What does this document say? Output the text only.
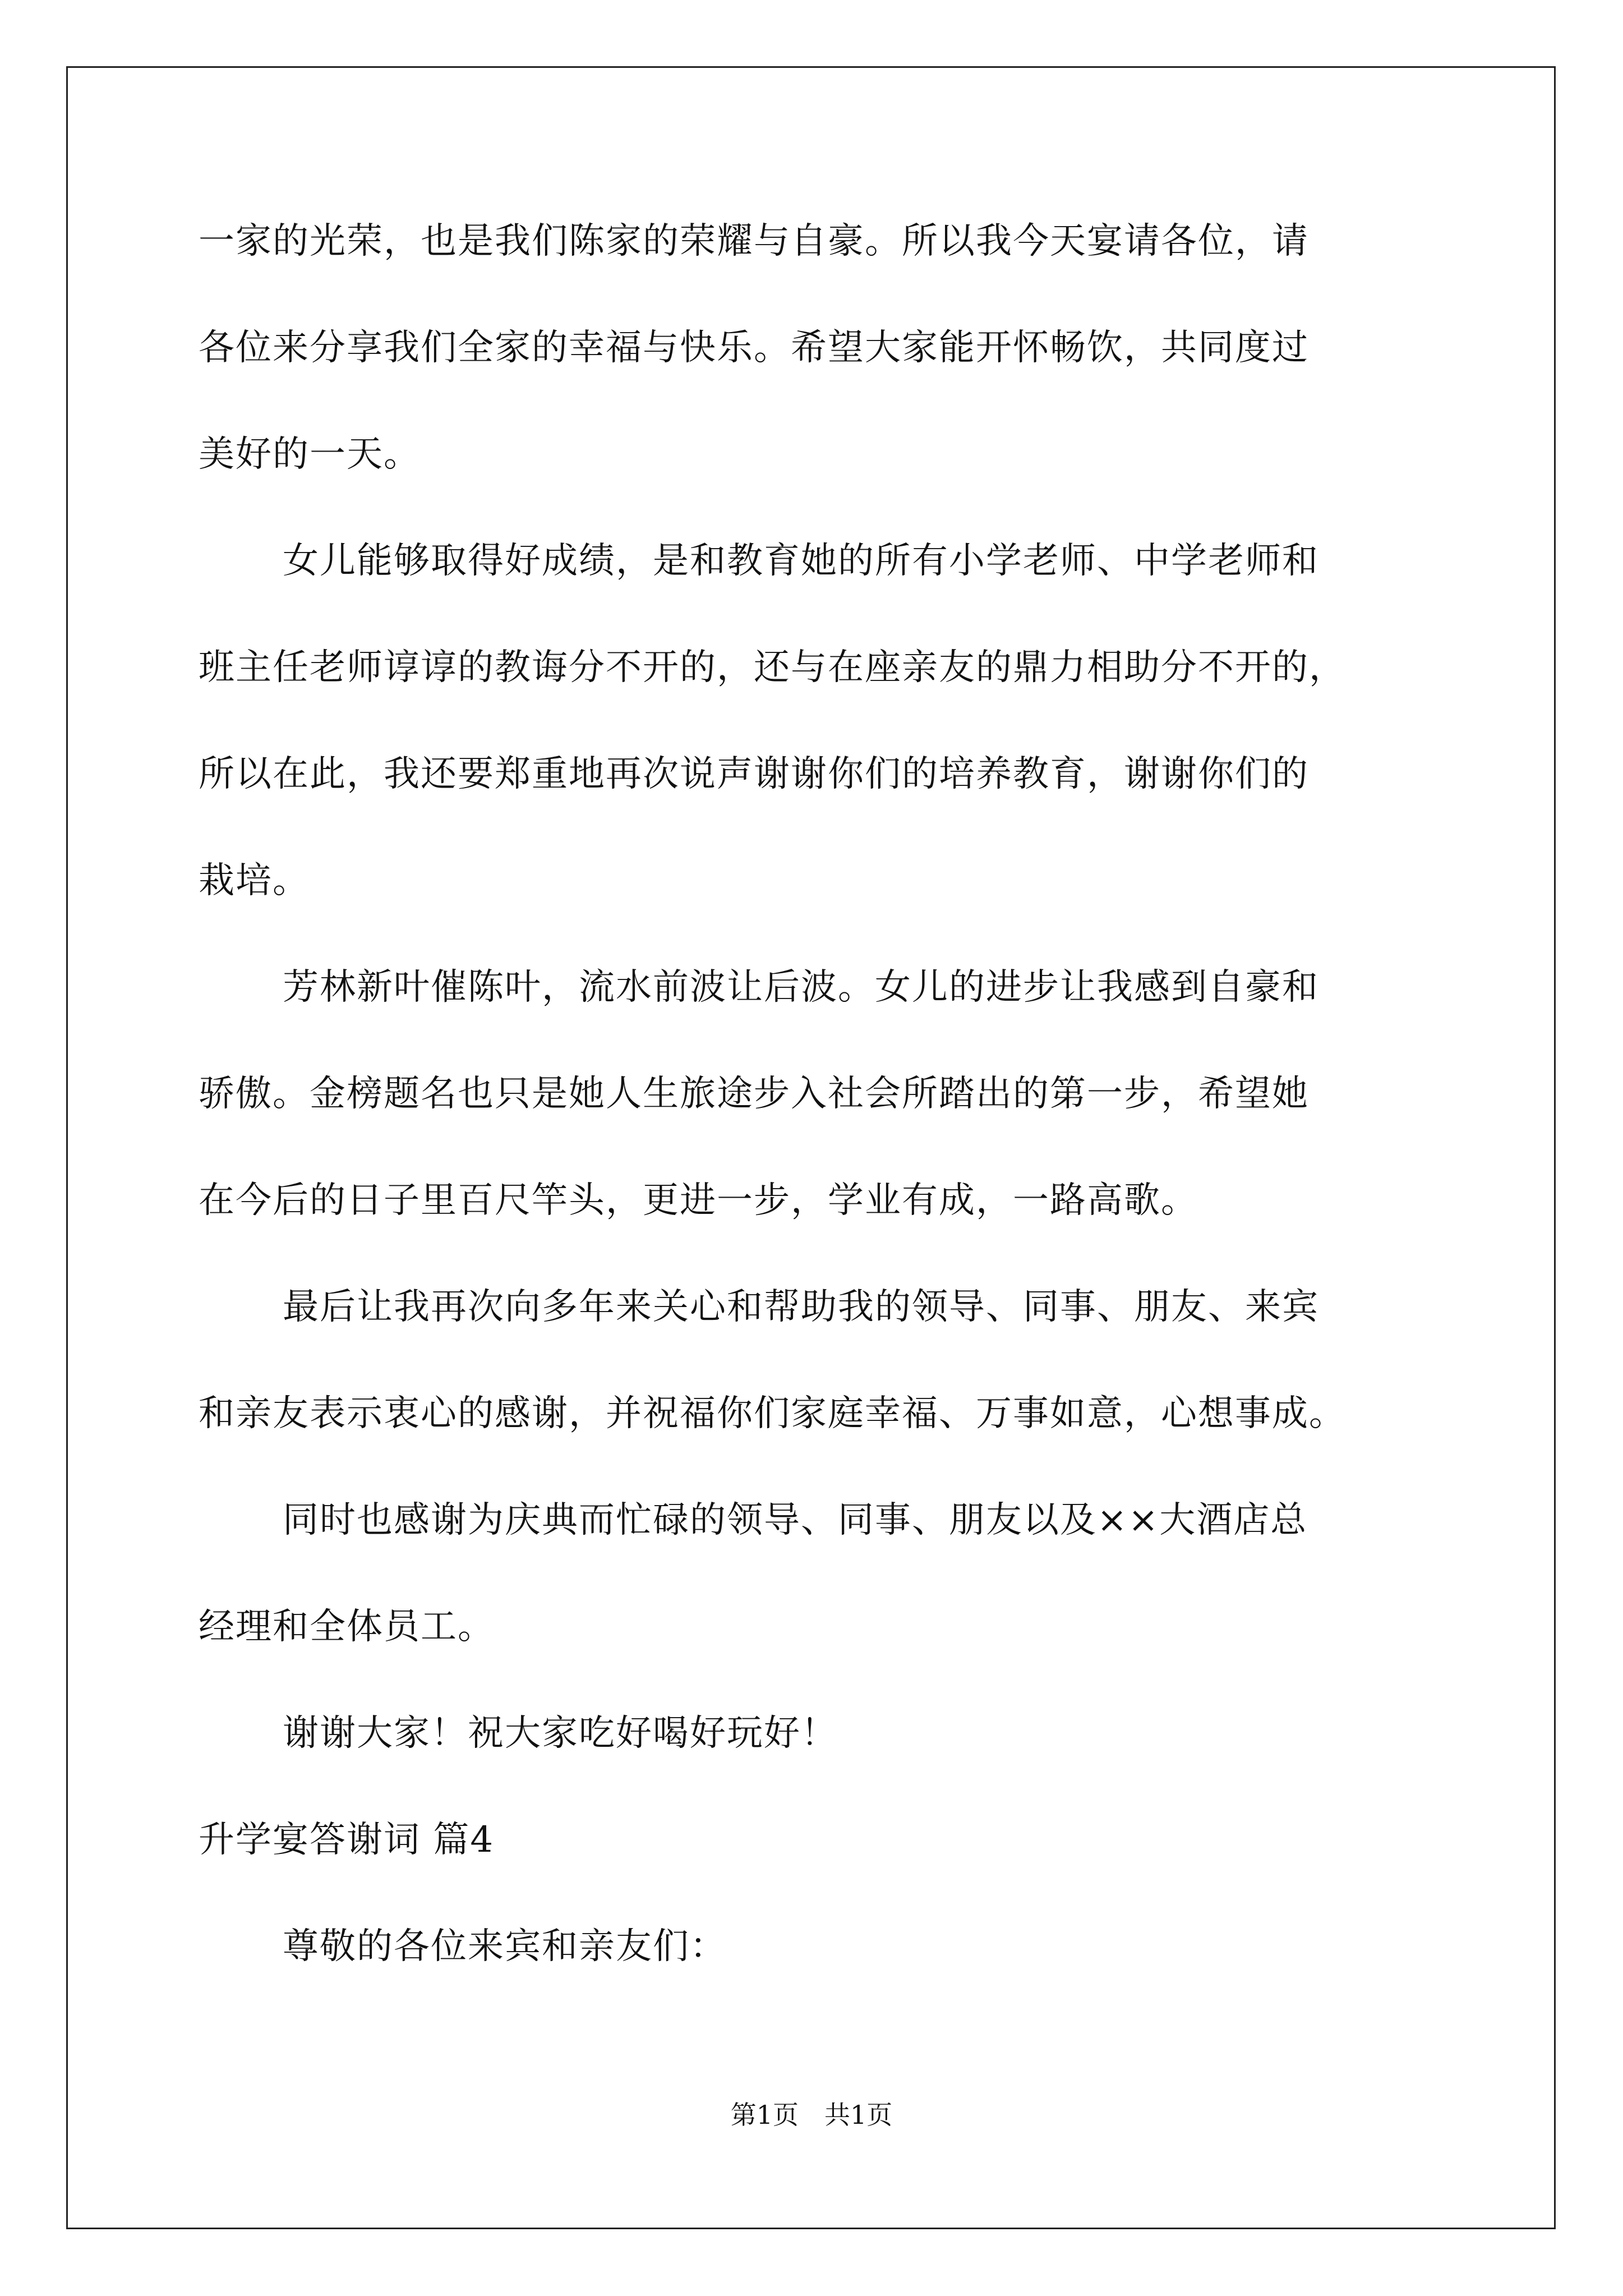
一家的光荣，也是我们陈家的荣耀与自豪。所以我今天宴请各位，请
各位来分享我们全家的幸福与快乐。希望大家能开怀畅饮，共同度过
美好的一天。
女儿能够取得好成绩，是和教育她的所有小学老师、中学老师和
班主任老师谆谆的教诲分不开的，还与在座亲友的鼎力相助分不开的，
所以在此，我还要郑重地再次说声谢谢你们的培养教育，谢谢你们的
栽培。
芳林新叶催陈叶，流水前波让后波。女儿的进步让我感到自豪和
骄傲。金榜题名也只是她人生旅途步入社会所踏出的第一步，希望她
在今后的日子里百尺竿头，更进一步，学业有成，一路高歌。
最后让我再次向多年来关心和帮助我的领导、同事、朋友、来宾
和亲友表示衷心的感谢，并祝福你们家庭幸福、万事如意，心想事成。
同时也感谢为庆典而忙碌的领导、同事、朋友以及××大酒店总
经理和全体员工。
谢谢大家！祝大家吃好喝好玩好！
升学宴答谢词 篇4
尊敬的各位来宾和亲友们：
第1页　共1页
